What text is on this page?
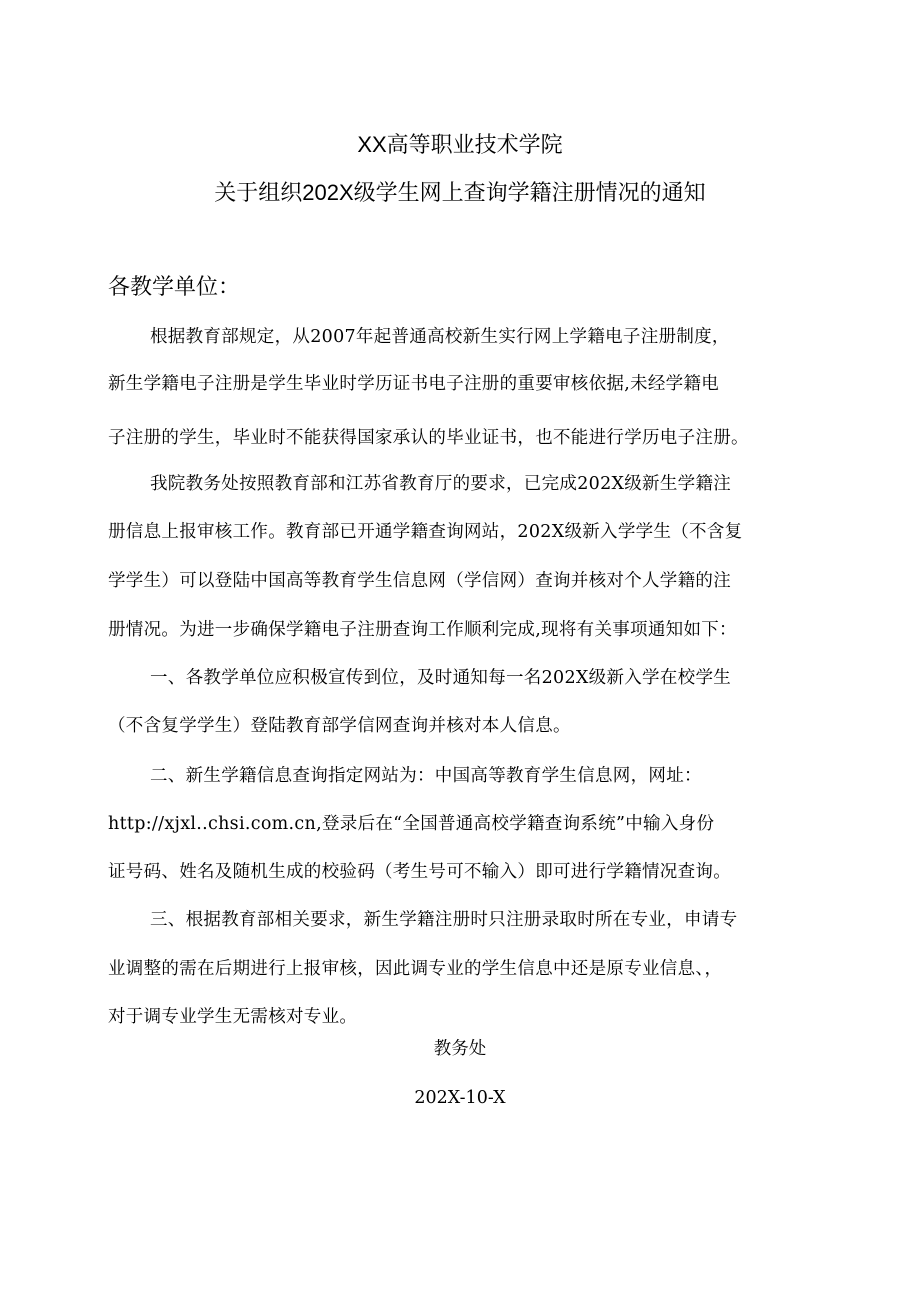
XX高等职业技术学院
关于组织202X级学生网上查询学籍注册情况的通知
各教学单位：
根据教育部规定，从2007年起普通高校新生实行网上学籍电子注册制度，
新生学籍电子注册是学生毕业时学历证书电子注册的重要审核依据,未经学籍电
子注册的学生，毕业时不能获得国家承认的毕业证书，也不能进行学历电子注册。
我院教务处按照教育部和江苏省教育厅的要求，已完成202X级新生学籍注
册信息上报审核工作。教育部已开通学籍查询网站，202X级新入学学生（不含复
学学生）可以登陆中国高等教育学生信息网（学信网）查询并核对个人学籍的注
册情况。为进一步确保学籍电子注册查询工作顺利完成,现将有关事项通知如下：
一、各教学单位应积极宣传到位，及时通知每一名202X级新入学在校学生
（不含复学学生）登陆教育部学信网查询并核对本人信息。
二、新生学籍信息查询指定网站为：中国高等教育学生信息网，网址：
http://xjxl..chsi.com.cn,登录后在“全国普通高校学籍查询系统”中输入身份
证号码、姓名及随机生成的校验码（考生号可不输入）即可进行学籍情况查询。
三、根据教育部相关要求，新生学籍注册时只注册录取时所在专业，申请专
业调整的需在后期进行上报审核，因此调专业的学生信息中还是原专业信息、，
对于调专业学生无需核对专业。
教务处
202X-10-X
